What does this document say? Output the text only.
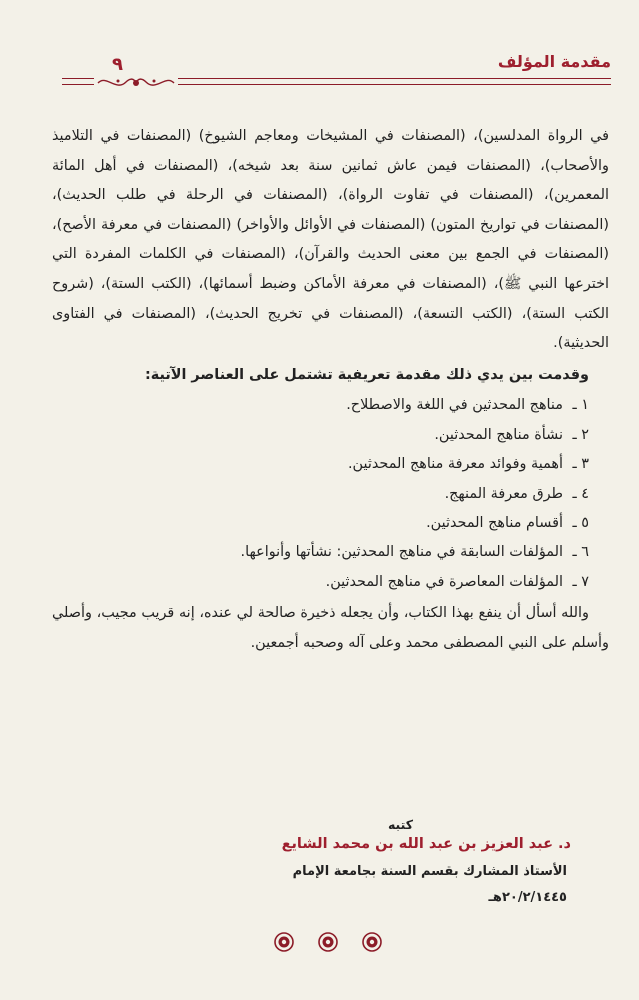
مقدمة المؤلف
٩

في الرواة المدلسين)، (المصنفات في المشيخات ومعاجم الشيوخ) (المصنفات في التلاميذ والأصحاب)، (المصنفات فيمن عاش ثمانين سنة بعد شيخه)، (المصنفات في أهل المائة المعمرين)، (المصنفات في تفاوت الرواة)، (المصنفات في الرحلة في طلب الحديث)، (المصنفات في تواريخ المتون) (المصنفات في الأوائل والأواخر) (المصنفات في معرفة الأصح)، (المصنفات في الجمع بين معنى الحديث والقرآن)، (المصنفات في الكلمات المفردة التي اخترعها النبي ﷺ)، (المصنفات في معرفة الأماكن وضبط أسمائها)، (الكتب الستة)، (شروح الكتب الستة)، (الكتب التسعة)، (المصنفات في تخريج الحديث)، (المصنفات في الفتاوى الحديثية).

وقدمت بين يدي ذلك مقدمة تعريفية تشتمل على العناصر الآتية:

١ ـمناهج المحدثين في اللغة والاصطلاح.
٢ ـنشأة مناهج المحدثين.
٣ ـأهمية وفوائد معرفة مناهج المحدثين.
٤ ـطرق معرفة المنهج.
٥ ـأقسام مناهج المحدثين.
٦ ـالمؤلفات السابقة في مناهج المحدثين: نشأتها وأنواعها.
٧ ـالمؤلفات المعاصرة في مناهج المحدثين.

والله أسأل أن ينفع بهذا الكتاب، وأن يجعله ذخيرة صالحة لي عنده، إنه قريب مجيب، وأصلي وأسلم على النبي المصطفى محمد وعلى آله وصحبه أجمعين.

كتبه
د. عبد العزيز بن عبد الله بن محمد الشايع
الأستاذ المشارك بقسم السنة بجامعة الإمام
٢٠/٢/١٤٤٥هـ
